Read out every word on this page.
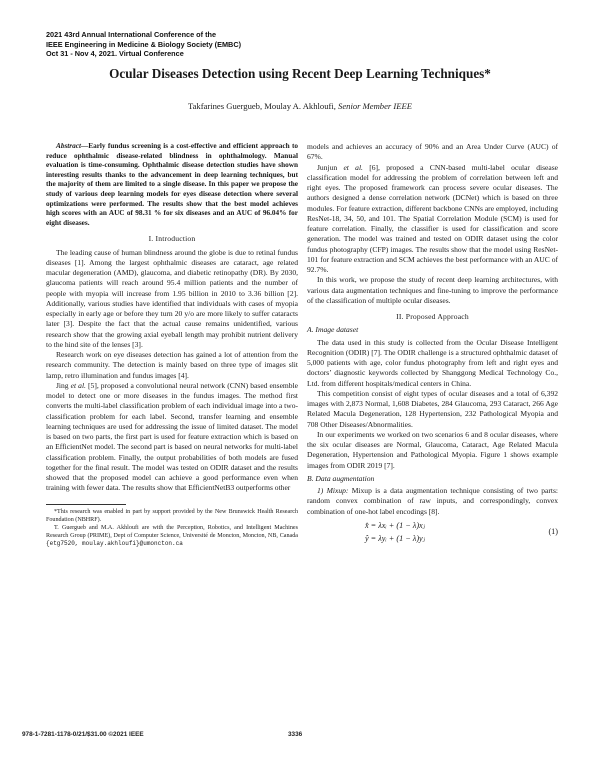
2021 43rd Annual International Conference of the
IEEE Engineering in Medicine & Biology Society (EMBC)
Oct 31 - Nov 4, 2021. Virtual Conference
Ocular Diseases Detection using Recent Deep Learning Techniques*
Takfarines Guergueb, Moulay A. Akhloufi, Senior Member IEEE

Abstract—Early fundus screening is a cost-effective and efficient approach to reduce ophthalmic disease-related blindness in ophthalmology. Manual evaluation is time-consuming. Ophthalmic disease detection studies have shown interesting results thanks to the advancement in deep learning techniques, but the majority of them are limited to a single disease. In this paper we propose the study of various deep learning models for eyes disease detection where several optimizations were performed. The results show that the best model achieves high scores with an AUC of 98.31 % for six diseases and an AUC of 96.04% for eight diseases.

I. Introduction

The leading cause of human blindness around the globe is due to retinal fundus diseases [1]. Among the largest ophthalmic diseases are cataract, age related macular degeneration (AMD), glaucoma, and diabetic retinopathy (DR). By 2030, glaucoma patients will reach around 95.4 million patients and the number of people with myopia will increase from 1.95 billion in 2010 to 3.36 billion [2]. Additionally, various studies have identified that individuals with cases of myopia especially in early age or before they turn 20 y/o are more likely to suffer cataracts later [3]. Despite the fact that the actual cause remains unidentified, various research show that the growing axial eyeball length may prohibit nutrient delivery to the hind site of the lenses [3].

Research work on eye diseases detection has gained a lot of attention from the research community. The detection is mainly based on three type of images slit lamp, retro illumination and fundus images [4].

Jing et al. [5], proposed a convolutional neural network (CNN) based ensemble model to detect one or more diseases in the fundus images. The method first converts the multi-label classification problem of each individual image into a two-classification problem for each label. Second, transfer learning and ensemble learning techniques are used for addressing the issue of limited dataset. The model is based on two parts, the first part is used for feature extraction which is based on an EfficientNet model. The second part is based on neural networks for multi-label classification problem. Finally, the output probabilities of both models are fused together for the final result. The model was tested on ODIR dataset and the results showed that the proposed model can achieve a good performance even when training with fewer data. The results show that EfficientNetB3 outperforms other

*This research was enabled in part by support provided by the New Brunswick Health Research Foundation (NBHRF).

T. Guergueb and M.A. Akhloufi are with the Perception, Robotics, and Intelligent Machines Research Group (PRIME), Dept of Computer Science, Université de Moncton, Moncton, NB, Canada {etg7520, moulay.akhloufi}@umoncton.ca

models and achieves an accuracy of 90% and an Area Under Curve (AUC) of 67%.

Junjun et al. [6], proposed a CNN-based multi-label ocular disease classification model for addressing the problem of correlation between left and right eyes. The proposed framework can process severe ocular diseases. The authors designed a dense correlation network (DCNet) which is based on three modules. For feature extraction, different backbone CNNs are employed, including ResNet-18, 34, 50, and 101. The Spatial Correlation Module (SCM) is used for feature correlation. Finally, the classifier is used for classification and score generation. The model was trained and tested on ODIR dataset using the color fundus photography (CFP) images. The results show that the model using ResNet-101 for feature extraction and SCM achieves the best performance with an AUC of 92.7%.

In this work, we propose the study of recent deep learning architectures, with various data augmentation techniques and fine-tuning to improve the performance of the classification of multiple ocular diseases.

II. Proposed Approach
A. Image dataset

The data used in this study is collected from the Ocular Disease Intelligent Recognition (ODIR) [7]. The ODIR challenge is a structured ophthalmic dataset of 5,000 patients with age, color fundus photography from left and right eyes and doctors’ diagnostic keywords collected by Shanggong Medical Technology Co., Ltd. from different hospitals/medical centers in China.

This competition consist of eight types of ocular diseases and a total of 6,392 images with 2,873 Normal, 1,608 Diabetes, 284 Glaucoma, 293 Cataract, 266 Age Related Macula Degeneration, 128 Hypertension, 232 Pathological Myopia and 708 Other Diseases/Abnormalities.

In our experiments we worked on two scenarios 6 and 8 ocular diseases, where the six ocular diseases are Normal, Glaucoma, Cataract, Age Related Macula Degeneration, Hypertension and Pathological Myopia. Figure 1 shows example images from ODIR 2019 [7].

B. Data augmentation

1) Mixup: Mixup is a data augmentation technique consisting of two parts: random convex combination of raw inputs, and correspondingly, convex combination of one-hot label encodings [8].

x̂ = λxᵢ + (1 − λ)xⱼ
ŷ = λyᵢ + (1 − λ)yⱼ
(1)
978-1-7281-1178-0/21/$31.00 ©2021 IEEE	3336
